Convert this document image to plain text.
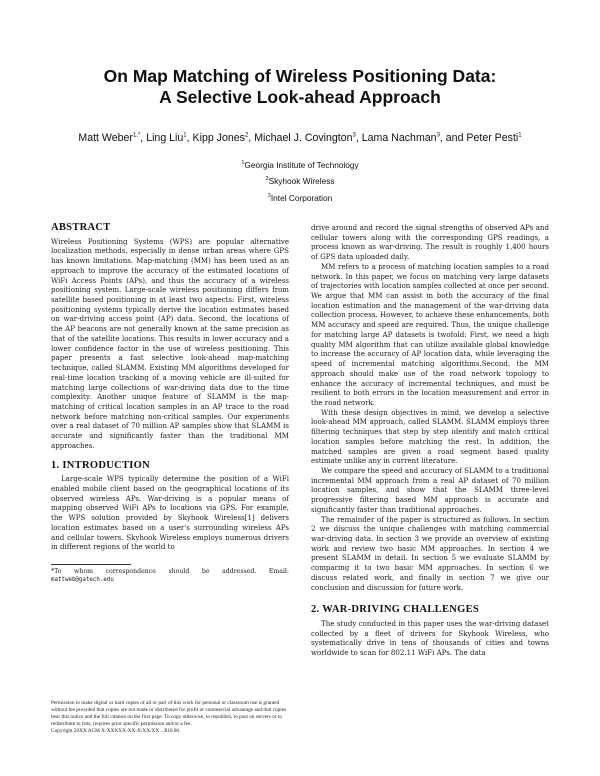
On Map Matching of Wireless Positioning Data:
A Selective Look-ahead Approach
Matt Weber$^{1,*}$, Ling Liu$^1$, Kipp Jones$^2$, Michael J. Covington$^3$, Lama Nachman$^3$, and Peter Pesti$^1$
$^1$Georgia Institute of Technology
$^2$Skyhook Wireless
$^3$Intel Corporation
ABSTRACT

Wireless Positioning Systems (WPS) are popular alternative localization methods, especially in dense urban areas where GPS has known limitations. Map-matching (MM) has been used as an approach to improve the accuracy of the estimated locations of WiFi Access Points (APs), and thus the accuracy of a wireless positioning system. Large-scale wireless positioning differs from satellite based positioning in at least two aspects: First, wireless positioning systems typically derive the location estimates based on war-driving access point (AP) data. Second, the locations of the AP beacons are not generally known at the same precision as that of the satellite locations. This results in lower accuracy and a lower confidence factor in the use of wireless positioning. This paper presents a fast selective look-ahead map-matching technique, called SLAMM. Existing MM algorithms developed for real-time location tracking of a moving vehicle are ill-suited for matching large collections of war-driving data due to the time complexity. Another unique feature of SLAMM is the map-matching of critical location samples in an AP trace to the road network before matching non-critical samples. Our experiments over a real dataset of 70 million AP samples show that SLAMM is accurate and significantly faster than the traditional MM approaches.

1. INTRODUCTION

Large-scale WPS typically determine the position of a WiFi enabled mobile client based on the geographical locations of its observed wireless APs. War-driving is a popular means of mapping observed WiFi APs to locations via GPS. For example, the WPS solution provided by Skyhook Wireless[1] delivers location estimates based on a user's surrounding wireless APs and cellular towers. Skyhook Wireless employs numerous drivers in different regions of the world to

*To whom correspondence should be addressed. Email: mattweb@gatech.edu

Permission to make digital or hard copies of all or part of this work for personal or classroom use is granted without fee provided that copies are not made or distributed for profit or commercial advantage and that copies bear this notice and the full citation on the first page. To copy otherwise, to republish, to post on servers or to redistribute to lists, requires prior specific permission and/or a fee.
Copyright 20XX ACM X-XXXXX-XX-X/XX/XX ...$10.00.

drive around and record the signal strengths of observed APs and cellular towers along with the corresponding GPS readings, a process known as war-driving. The result is roughly 1,400 hours of GPS data uploaded daily.

MM refers to a process of matching location samples to a road network. In this paper, we focus on matching very large datasets of trajectories with location samples collected at once per second. We argue that MM can assist in both the accuracy of the final location estimation and the management of the war-driving data collection process. However, to achieve these enhancements, both MM accuracy and speed are required. Thus, the unique challenge for matching large AP datasets is twofold: First, we need a high quality MM algorithm that can utilize available global knowledge to increase the accuracy of AP location data, while leveraging the speed of incremental matching algorithms.Second, the MM approach should make use of the road network topology to enhance the accuracy of incremental techniques, and must be resilient to both errors in the location measurement and error in the road network.

With these design objectives in mind, we develop a selective look-ahead MM approach, called SLAMM. SLAMM employs three filtering techniques that step by step identify and match critical location samples before matching the rest. In addition, the matched samples are given a road segment based quality estimate unlike any in current literature.

We compare the speed and accuracy of SLAMM to a traditional incremental MM approach from a real AP dataset of 70 million location samples, and show that the SLAMM three-level progressive filtering based MM approach is accurate and significantly faster than traditional approaches.

The remainder of the paper is structured as follows. In section 2 we discuss the unique challenges with matching commercial war-driving data. In section 3 we provide an overview of existing work and review two basic MM approaches. In section 4 we present SLAMM in detail. In section 5 we evaluate SLAMM by comparing it to two basic MM approaches. In section 6 we discuss related work, and finally in section 7 we give our conclusion and discussion for future work.

2. WAR-DRIVING CHALLENGES

The study conducted in this paper uses the war-driving dataset collected by a fleet of drivers for Skyhook Wireless, who systematically drive in tens of thousands of cities and towns worldwide to scan for 802.11 WiFi APs. The data
